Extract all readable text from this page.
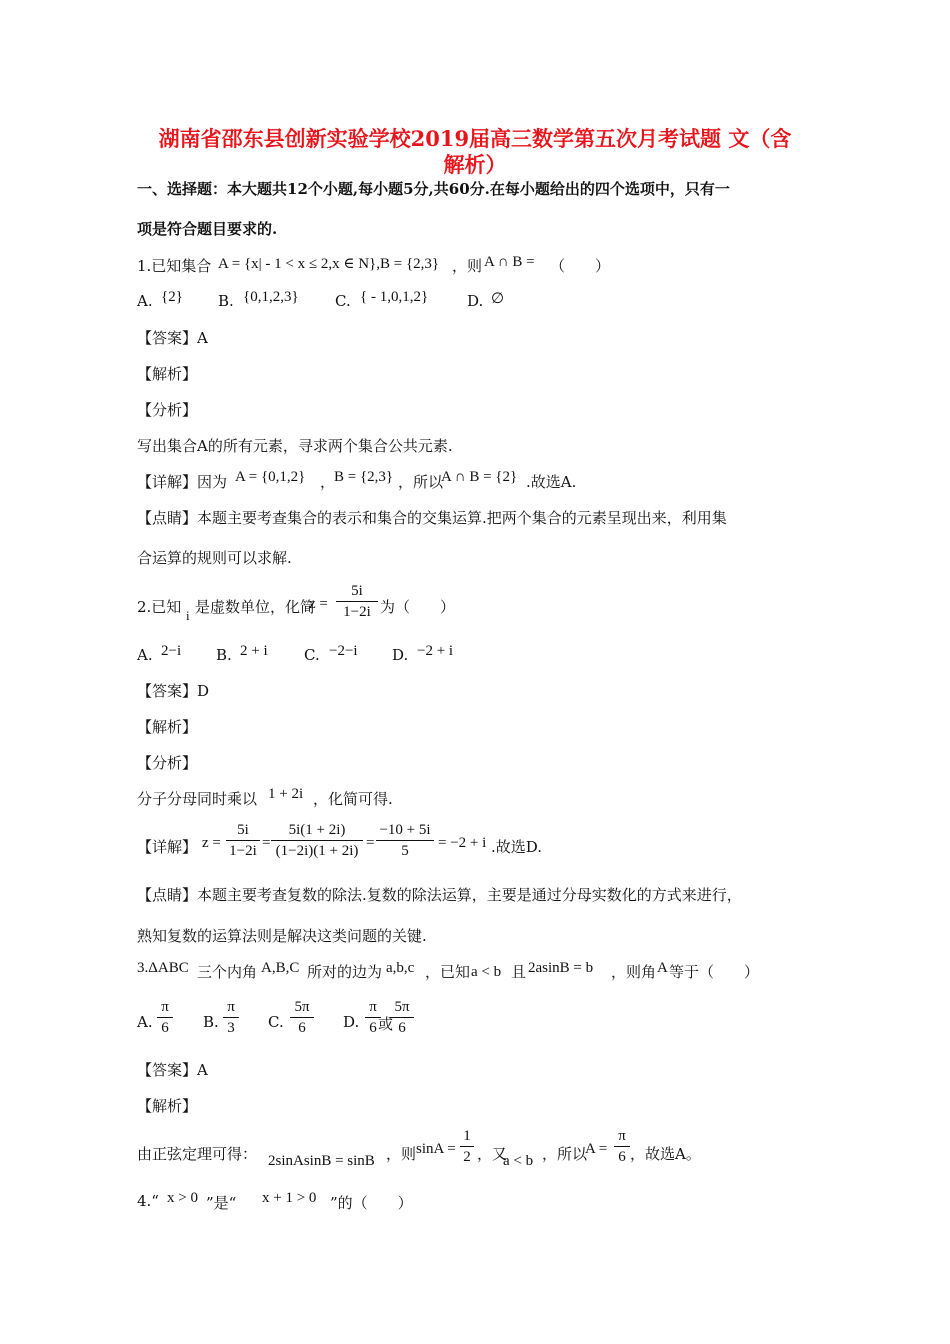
湖南省邵东县创新实验学校2019届高三数学第五次月考试题 文（含
解析）
一、选择题：本大题共12个小题,每小题5分,共60分.在每小题给出的四个选项中，只有一
项是符合题目要求的.
1.已知集合 A = {x| - 1 < x ≤ 2,x ∈ N},B = {2,3} ，则 A ∩ B = （　　）
A. {2} B. {0,1,2,3} C. { - 1,0,1,2}	D. ∅
【答案】A
【解析】
【分析】
写出集合A的所有元素，寻求两个集合公共元素.
【详解】因为 A = {0,1,2} ，
B = {2,3} ，所以
A ∩ B = {2} .故选A.
【点睛】本题主要考查集合的表示和集合的交集运算.把两个集合的元素呈现出来，利用集
合运算的规则可以求解.
2.已知 i 是虚数单位，化简
z =
5i
1−2i 为（　　）
A. 2−i B. 2 + i C. −2−i D. −2 + i
【答案】D
【解析】
【分析】
分子分母同时乘以 1 + 2i ，化简可得.
【详解】 z =
5i
1−2i =
5i(1 + 2i)
(1−2i)(1 + 2i) =
−10 + 5i
5	= −2 + i .故选D.
【点睛】本题主要考查复数的除法.复数的除法运算，主要是通过分母实数化的方式来进行，
熟知复数的运算法则是解决这类问题的关键.
3.ΔABC 三个内角 A,B,C 所对的边为 a,b,c ，已知 a < b 且 2asinB = b ，则角 A 等于（　　）
A.
π
6 B.
π
3 C.
5π
6	D.
π
6 或
5π
6
【答案】A
【解析】
由正弦定理可得： 2sinAsinB = sinB ，则 sinA =
1
2 ，又
a < b ，所以
A =
π
6 ，故选A。
4.“ x > 0 ”是“ x + 1 > 0 ”的（　　）
